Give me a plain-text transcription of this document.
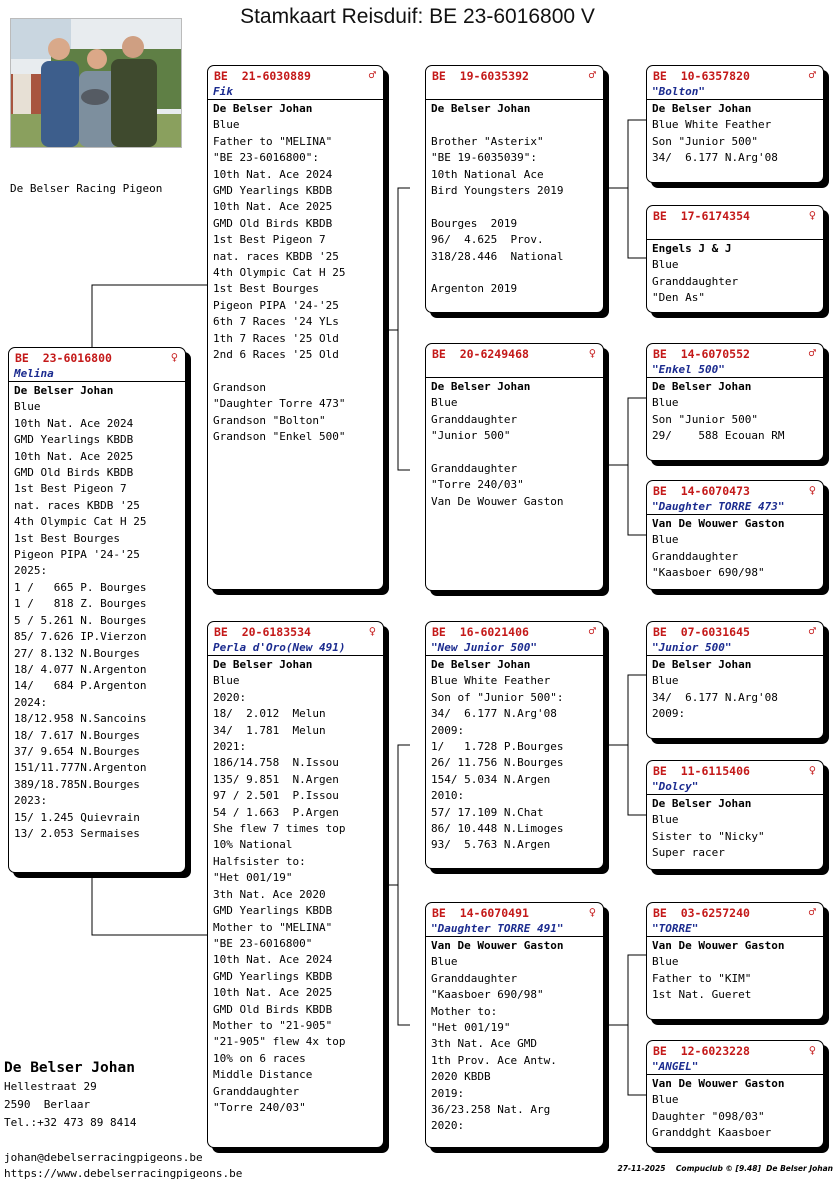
Stamkaart Reisduif: BE 23-6016800 V
De Belser Racing Pigeon
BE  23-6016800	♀
Melina
De Belser Johan
Blue
10th Nat. Ace 2024
GMD Yearlings KBDB
10th Nat. Ace 2025
GMD Old Birds KBDB
1st Best Pigeon 7
nat. races KBDB '25
4th Olympic Cat H 25
1st Best Bourges
Pigeon PIPA '24-'25
2025:
1 /   665 P. Bourges
1 /   818 Z. Bourges
5 / 5.261 N. Bourges
85/ 7.626 IP.Vierzon
27/ 8.132 N.Bourges
18/ 4.077 N.Argenton
14/   684 P.Argenton
2024:
18/12.958 N.Sancoins
18/ 7.617 N.Bourges
37/ 9.654 N.Bourges
151/11.777N.Argenton
389/18.785N.Bourges
2023:
15/ 1.245 Quievrain
13/ 2.053 Sermaises
BE  21-6030889	♂
Fik
De Belser Johan
Blue
Father to "MELINA"
"BE 23-6016800":
10th Nat. Ace 2024
GMD Yearlings KBDB
10th Nat. Ace 2025
GMD Old Birds KBDB
1st Best Pigeon 7
nat. races KBDB '25
4th Olympic Cat H 25
1st Best Bourges
Pigeon PIPA '24-'25
6th 7 Races '24 YLs
1th 7 Races '25 Old
2nd 6 Races '25 Old

Grandson
"Daughter Torre 473"
Grandson "Bolton"
Grandson "Enkel 500"
BE  20-6183534	♀
Perla d'Oro(New 491)
De Belser Johan
Blue
2020:
18/  2.012  Melun
34/  1.781  Melun
2021:
186/14.758  N.Issou
135/ 9.851  N.Argen
97 / 2.501  P.Issou
54 / 1.663  P.Argen
She flew 7 times top
10% National
Halfsister to:
"Het 001/19"
3th Nat. Ace 2020
GMD Yearlings KBDB
Mother to "MELINA"
"BE 23-6016800"
10th Nat. Ace 2024
GMD Yearlings KBDB
10th Nat. Ace 2025
GMD Old Birds KBDB
Mother to "21-905"
"21-905" flew 4x top
10% on 6 races
Middle Distance
Granddaughter
"Torre 240/03"
BE  19-6035392	♂
De Belser Johan

Brother "Asterix"
"BE 19-6035039":
10th National Ace
Bird Youngsters 2019

Bourges  2019
96/  4.625  Prov.
318/28.446  National

Argenton 2019
BE  20-6249468	♀
De Belser Johan
Blue
Granddaughter
"Junior 500"

Granddaughter
"Torre 240/03"
Van De Wouwer Gaston
BE  16-6021406	♂
"New Junior 500"
De Belser Johan
Blue White Feather
Son of "Junior 500":
34/  6.177 N.Arg'08
2009:
1/   1.728 P.Bourges
26/ 11.756 N.Bourges
154/ 5.034 N.Argen
2010:
57/ 17.109 N.Chat
86/ 10.448 N.Limoges
93/  5.763 N.Argen
BE  14-6070491	♀
"Daughter TORRE 491"
Van De Wouwer Gaston
Blue
Granddaughter
"Kaasboer 690/98"
Mother to:
"Het 001/19"
3th Nat. Ace GMD
1th Prov. Ace Antw.
2020 KBDB
2019:
36/23.258 Nat. Arg
2020:
BE  10-6357820	♂
"Bolton"
De Belser Johan
Blue White Feather
Son "Junior 500"
34/  6.177 N.Arg'08
BE  17-6174354	♀
Engels J & J
Blue
Granddaughter
"Den As"
BE  14-6070552	♂
"Enkel 500"
De Belser Johan
Blue
Son "Junior 500"
29/    588 Ecouan RM
BE  14-6070473	♀
"Daughter TORRE 473"
Van De Wouwer Gaston
Blue
Granddaughter
"Kaasboer 690/98"
BE  07-6031645	♂
"Junior 500"
De Belser Johan
Blue
34/  6.177 N.Arg'08
2009:
BE  11-6115406	♀
"Dolcy"
De Belser Johan
Blue
Sister to "Nicky"
Super racer
BE  03-6257240	♂
"TORRE"
Van De Wouwer Gaston
Blue
Father to "KIM"
1st Nat. Gueret
BE  12-6023228	♀
"ANGEL"
Van De Wouwer Gaston
Blue
Daughter "098/03"
Granddght Kaasboer
De Belser Johan
Hellestraat 29
2590  Berlaar
Tel.:+32 473 89 8414
johan@debelserracingpigeons.be
https://www.debelserracingpigeons.be	27-11-2025 Compuclub © [9.48] De Belser Johan
